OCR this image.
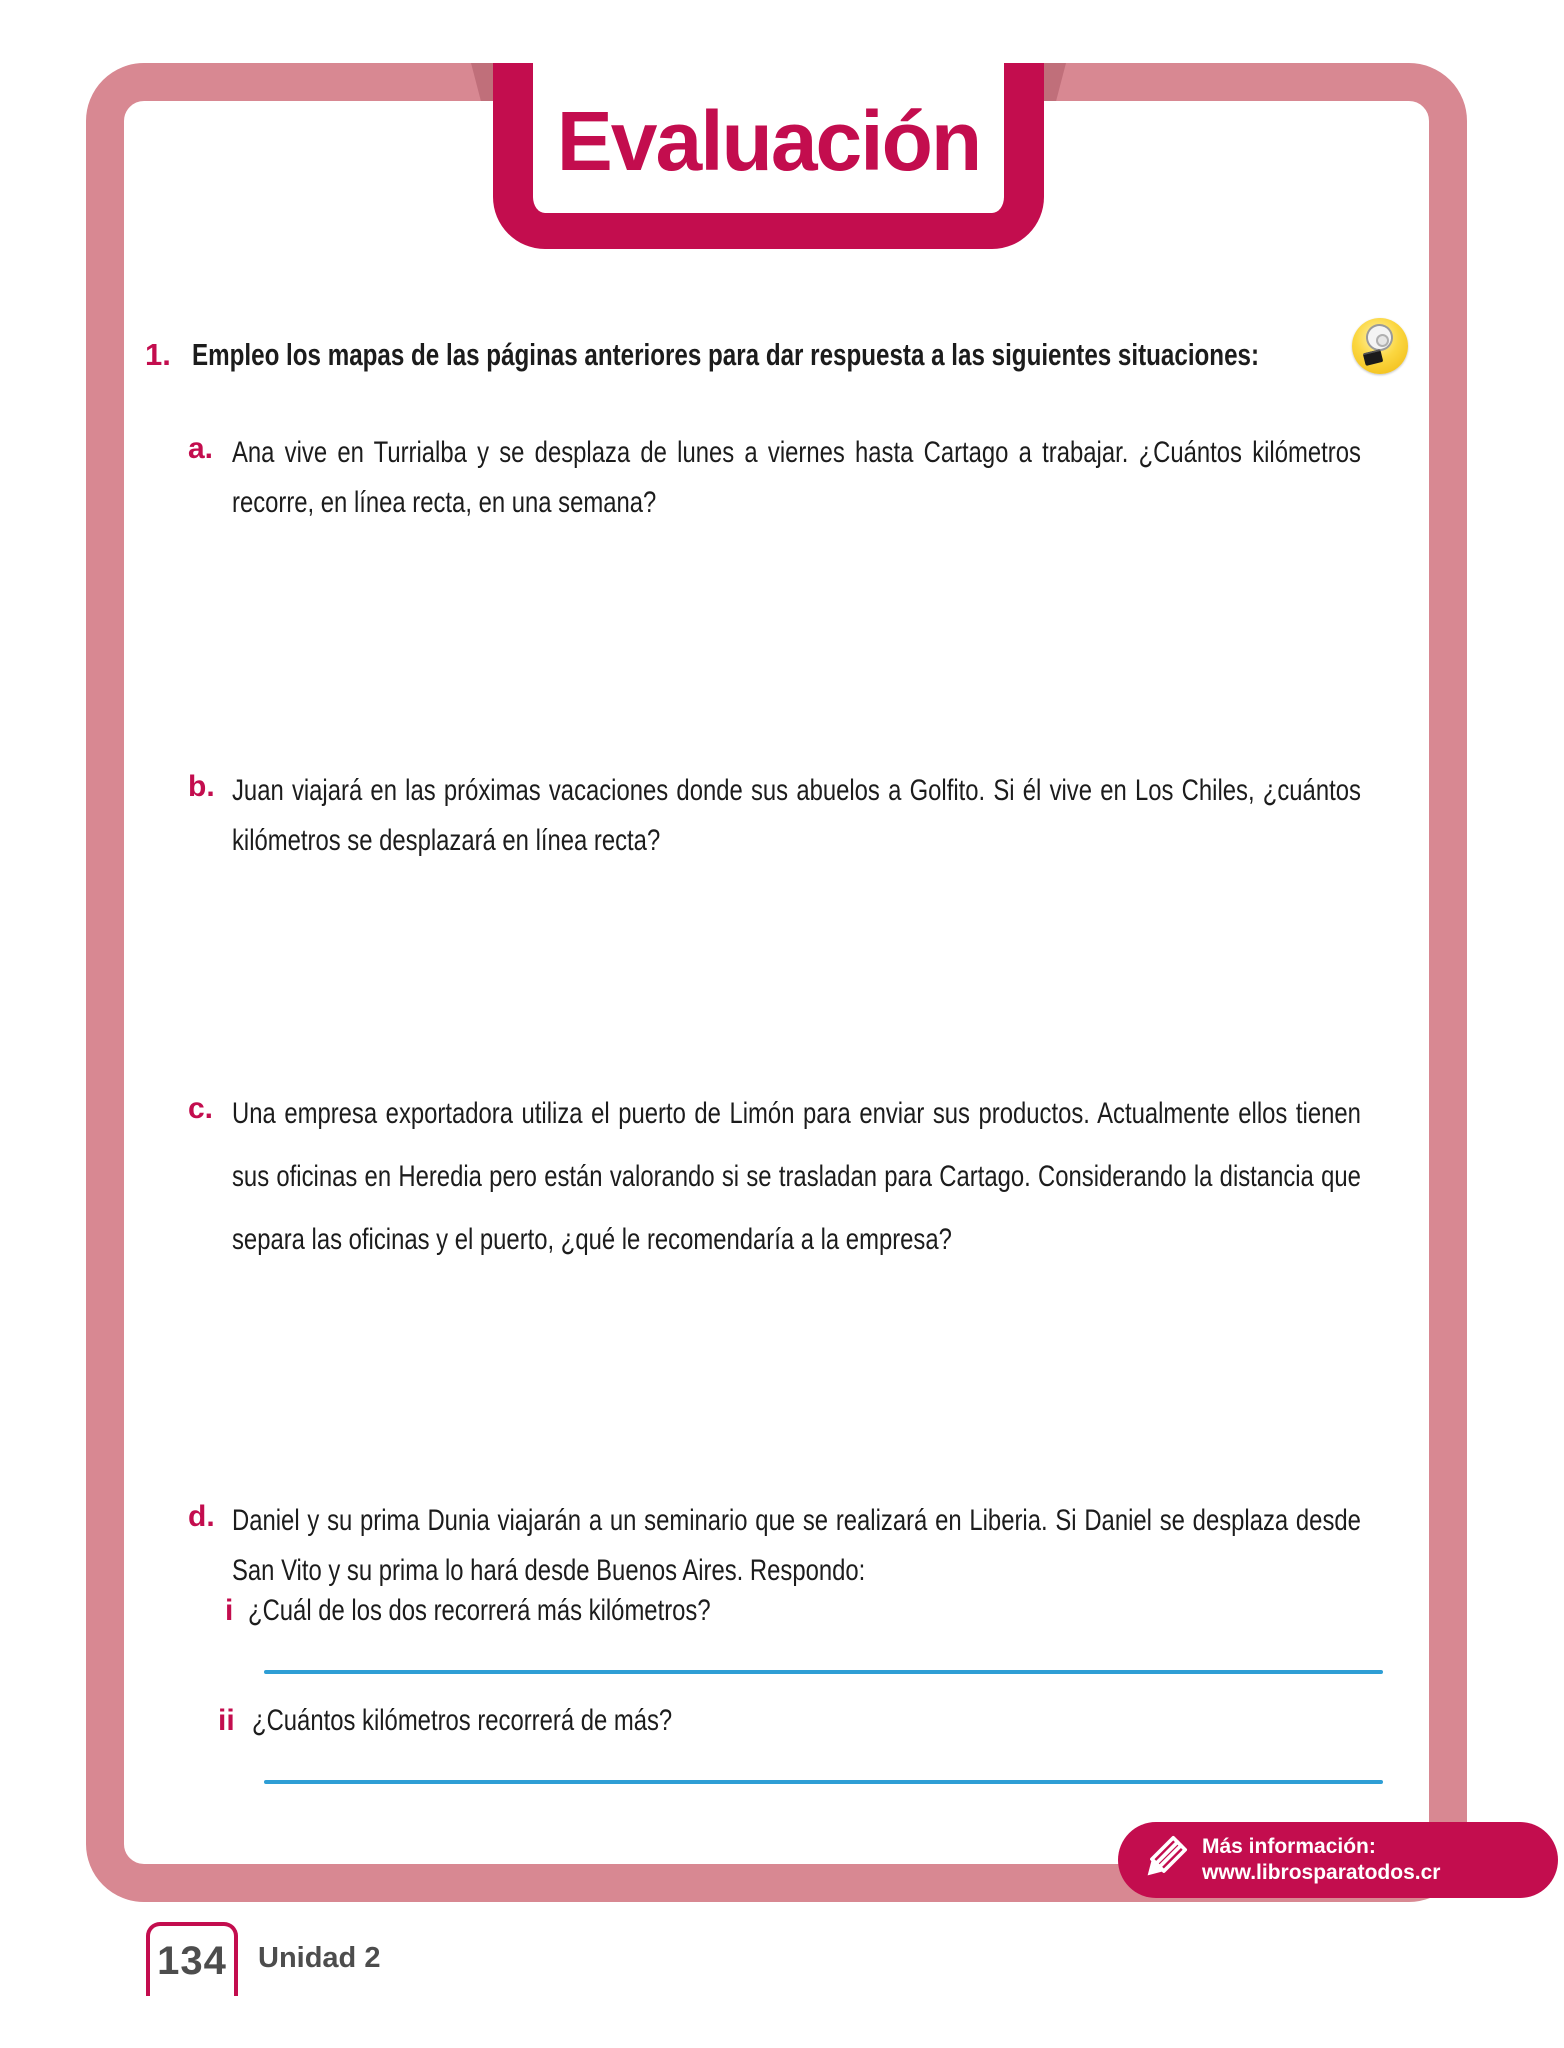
Evaluación
1. Empleo los mapas de las páginas anteriores para dar respuesta a las siguientes situaciones:
a. Ana vive en Turrialba y se desplaza de lunes a viernes hasta Cartago a trabajar. ¿Cuántos kilómetros recorre, en línea recta, en una semana?
b. Juan viajará en las próximas vacaciones donde sus abuelos a Golfito. Si él vive en Los Chiles, ¿cuántos kilómetros se desplazará en línea recta?
c. Una empresa exportadora utiliza el puerto de Limón para enviar sus productos. Actualmente ellos tienen sus oficinas en Heredia pero están valorando si se trasladan para Cartago. Considerando la distancia que separa las oficinas y el puerto, ¿qué le recomendaría a la empresa?
d. Daniel y su prima Dunia viajarán a un seminario que se realizará en Liberia. Si Daniel se desplaza desde San Vito y su prima lo hará desde Buenos Aires. Respondo:
i ¿Cuál de los dos recorrerá más kilómetros?
ii ¿Cuántos kilómetros recorrerá de más?
Más información:
www.librosparatodos.cr
134 Unidad 2
